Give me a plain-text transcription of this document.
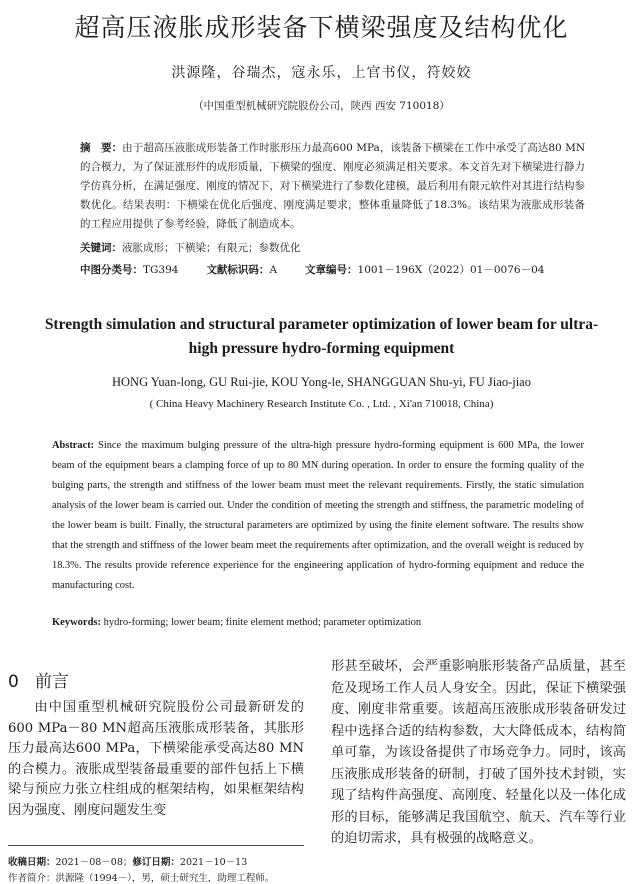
超高压液胀成形装备下横梁强度及结构优化
洪源隆，谷瑞杰，寇永乐，上官书仪，符姣姣
（中国重型机械研究院股份公司，陕西 西安 710018）
摘　要：由于超高压液胀成形装备工作时胀形压力最高600 MPa，该装备下横梁在工作中承受了高达80 MN的合模力，为了保证涨形件的成形质量，下横梁的强度、刚度必须满足相关要求。本文首先对下横梁进行静力学仿真分析，在满足强度、刚度的情况下，对下横梁进行了参数化建模，最后利用有限元软件对其进行结构参数优化。结果表明：下横梁在优化后强度、刚度满足要求，整体重量降低了18.3%。该结果为液胀成形装备的工程应用提供了参考经验，降低了制造成本。
关键词：液胀成形；下横梁；有限元；参数优化
中图分类号：TG394	文献标识码：A	文章编号：1001－196X（2022）01－0076－04
Strength simulation and structural parameter optimization of lower beam for ultra-high pressure hydro-forming equipment
HONG Yuan-long, GU Rui-jie, KOU Yong-le, SHANGGUAN Shu-yi, FU Jiao-jiao
( China Heavy Machinery Research Institute Co. , Ltd. , Xi'an 710018, China)
Abstract: Since the maximum bulging pressure of the ultra-high pressure hydro-forming equipment is 600 MPa, the lower beam of the equipment bears a clamping force of up to 80 MN during operation. In order to ensure the forming quality of the bulging parts, the strength and stiffness of the lower beam must meet the relevant requirements. Firstly, the static simulation analysis of the lower beam is carried out. Under the condition of meeting the strength and stiffness, the parametric modeling of the lower beam is built. Finally, the structural parameters are optimized by using the finite element software. The results show that the strength and stiffness of the lower beam meet the requirements after optimization, and the overall weight is reduced by 18.3%. The results provide reference experience for the engineering application of hydro-forming equipment and reduce the manufacturing cost.
Keywords: hydro-forming; lower beam; finite element method; parameter optimization
0 前言
由中国重型机械研究院股份公司最新研发的600 MPa－80 MN超高压液胀成形装备，其胀形压力最高达600 MPa，下横梁能承受高达80 MN的合模力。液胀成型装备最重要的部件包括上下横梁与预应力张立柱组成的框架结构，如果框架结构因为强度、刚度问题发生变
形甚至破坏，会严重影响胀形装备产品质量，甚至危及现场工作人员人身安全。因此，保证下横梁强度、刚度非常重要。该超高压液胀成形装备研发过程中选择合适的结构参数，大大降低成本，结构简单可靠，为该设备提供了市场竞争力。同时，该高压液胀成形装备的研制，打破了国外技术封锁，实现了结构件高强度、高刚度、轻量化以及一体化成形的目标，能够满足我国航空、航天、汽车等行业的迫切需求，具有极强的战略意义。
收稿日期：2021－08－08；修订日期：2021－10－13
作者简介：洪源隆（1994－），男，硕士研究生，助理工程师。
